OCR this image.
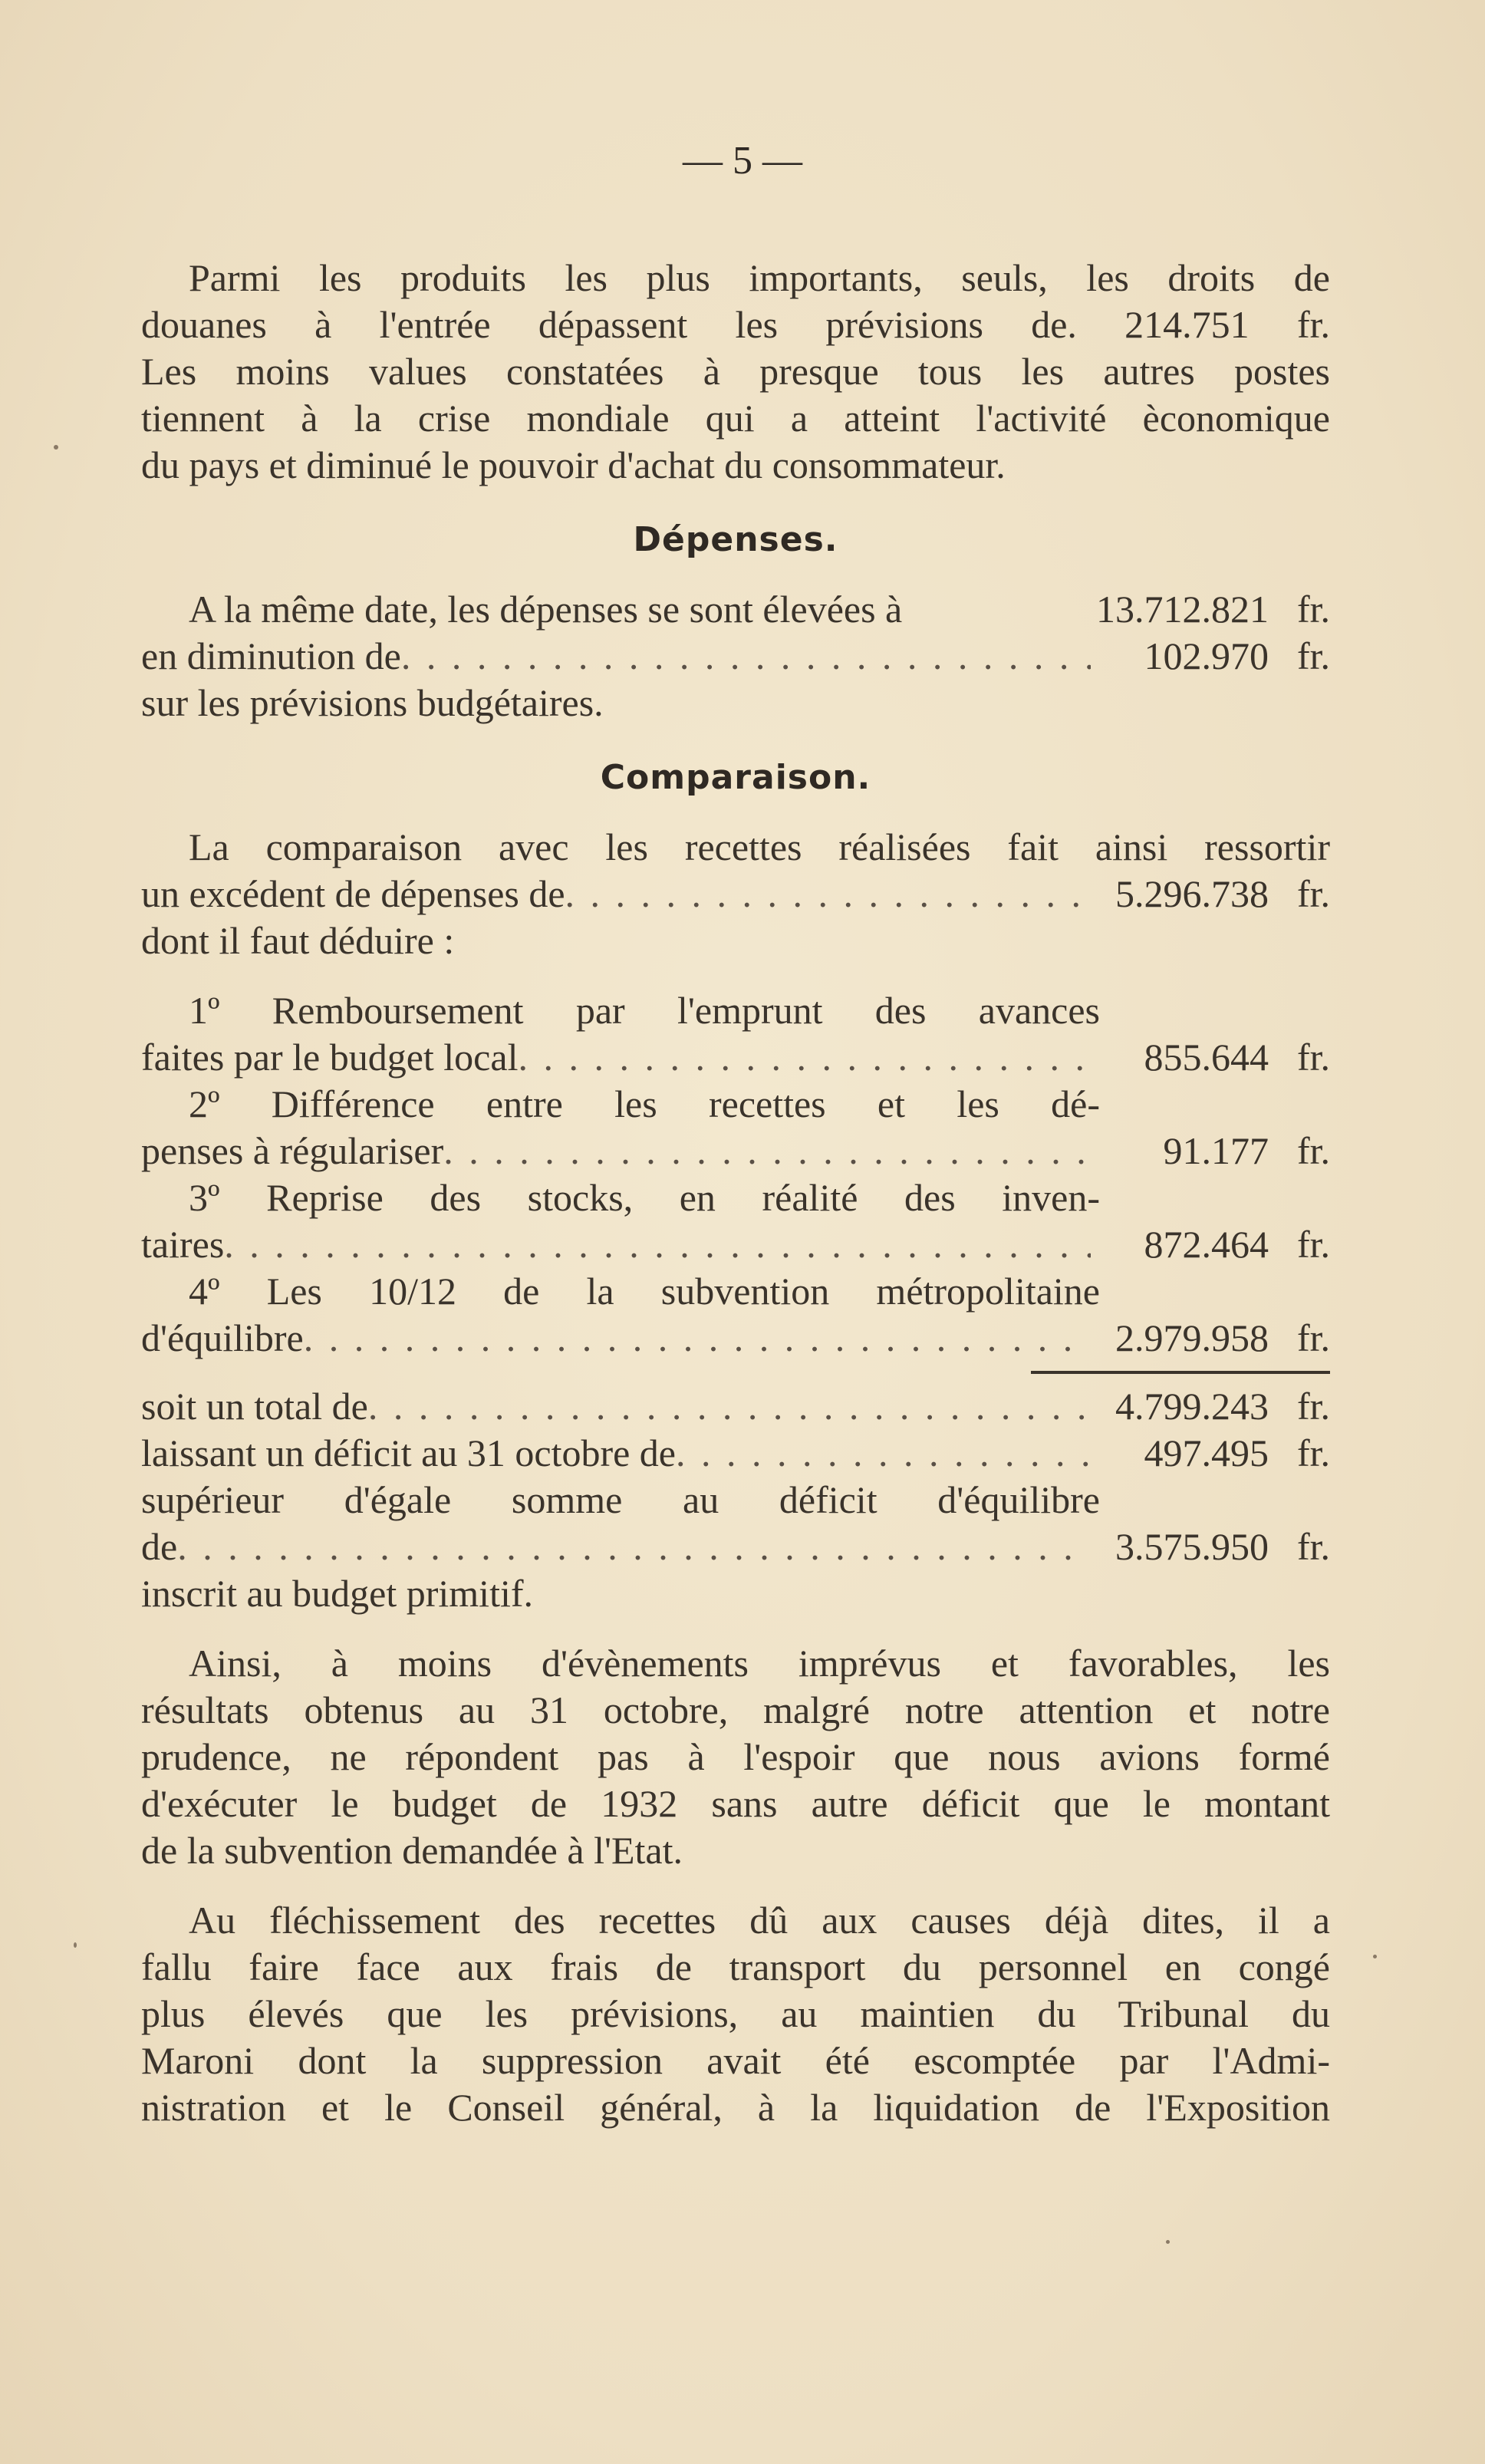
— 5 —
Parmi les produits les plus importants, seuls, les droits de
douanes à l'entrée dépassent les prévisions de. 214.751 fr.
Les moins values constatées à presque tous les autres postes
tiennent à la crise mondiale qui a atteint l'activité èconomique
du pays et diminué le pouvoir d'achat du consommateur.
Dépenses.
A la même date, les dépenses se sont élevées à	13.712.821 fr.
en diminution de . . .	102.970 fr.
sur les prévisions budgétaires.
Comparaison.
La comparaison avec les recettes réalisées fait ainsi ressortir
un excédent de dépenses de . . .	5.296.738 fr.
dont il faut déduire :
1º Remboursement par l'emprunt des avances
faites par le budget local . . .	855.644 fr.
2º Différence entre les recettes et les dé-
penses à régulariser . . .	91.177 fr.
3º Reprise des stocks, en réalité des inven-
taires . . .	872.464 fr.
4º Les 10/12 de la subvention métropolitaine
d'équilibre . . .	2.979.958 fr.
soit un total de . . .	4.799.243 fr.
laissant un déficit au 31 octobre de . . .	497.495 fr.
supérieur d'égale somme au déficit d'équilibre
de . . .	3.575.950 fr.
inscrit au budget primitif.
Ainsi, à moins d'évènements imprévus et favorables, les
résultats obtenus au 31 octobre, malgré notre attention et notre
prudence, ne répondent pas à l'espoir que nous avions formé
d'exécuter le budget de 1932 sans autre déficit que le montant
de la subvention demandée à l'Etat.
Au fléchissement des recettes dû aux causes déjà dites, il a
fallu faire face aux frais de transport du personnel en congé
plus élevés que les prévisions, au maintien du Tribunal du
Maroni dont la suppression avait été escomptée par l'Admi-
nistration et le Conseil général, à la liquidation de l'Exposition
